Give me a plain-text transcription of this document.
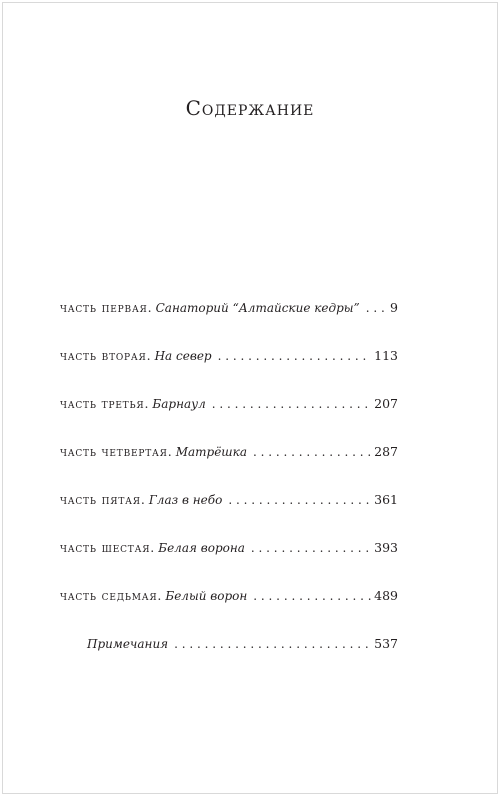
Содержание
часть первая . Санаторий “Алтайские кедры” . . . 9
часть вторая . На север . . .	113
часть третья . Барнаул . . .	207
часть четвертая . Матрёшка . . .	287
часть пятая . Глаз в небо . . .	361
часть шестая . Белая ворона . . .	393
часть седьмая . Белый ворон . . .	489
Примечания . . .	537
